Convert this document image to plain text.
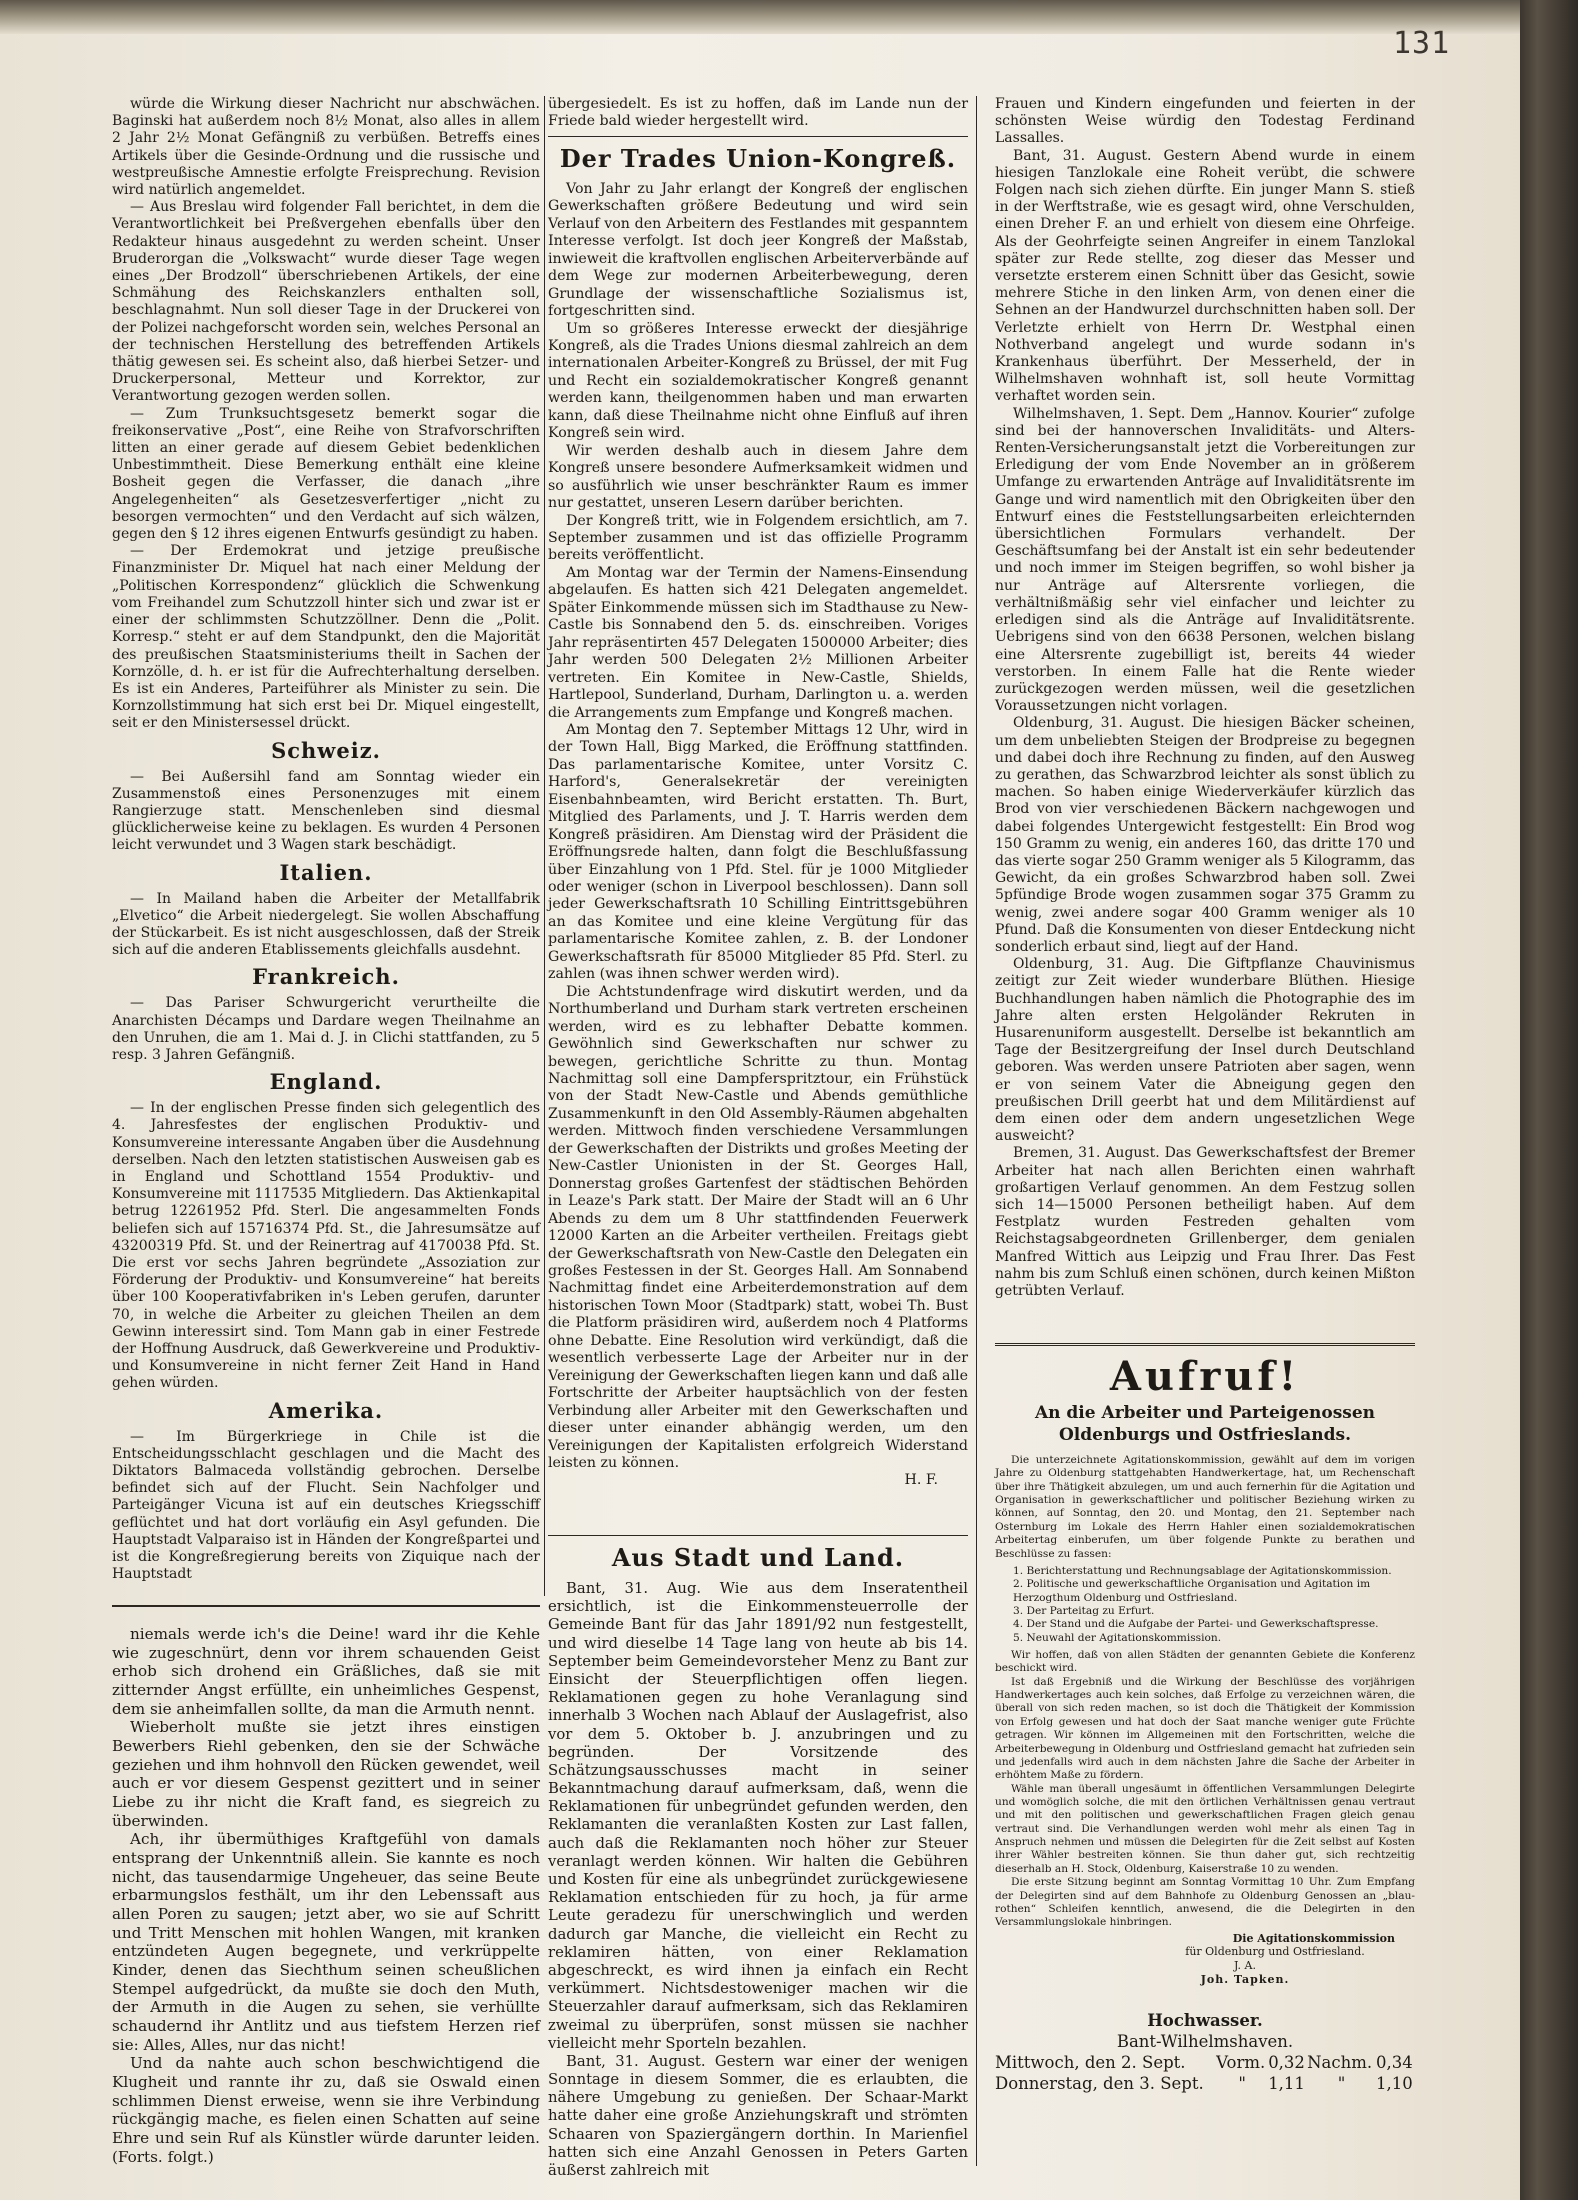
131

würde die Wirkung dieser Nachricht nur abschwächen. Baginski hat außerdem noch 8½ Monat, also alles in allem 2 Jahr 2½ Monat Gefängniß zu verbüßen. Betreffs eines Artikels über die Gesinde-Ordnung und die russische und westpreußische Amnestie erfolgte Freisprechung. Revision wird natürlich angemeldet.

— Aus Breslau wird folgender Fall berichtet, in dem die Verantwortlichkeit bei Preßvergehen ebenfalls über den Redakteur hinaus ausgedehnt zu werden scheint. Unser Bruderorgan die „Volkswacht“ wurde dieser Tage wegen eines „Der Brodzoll“ überschriebenen Artikels, der eine Schmähung des Reichskanzlers enthalten soll, beschlagnahmt. Nun soll dieser Tage in der Druckerei von der Polizei nachgeforscht worden sein, welches Personal an der technischen Herstellung des betreffenden Artikels thätig gewesen sei. Es scheint also, daß hierbei Setzer- und Druckerpersonal, Metteur und Korrektor, zur Verantwortung gezogen werden sollen.

— Zum Trunksuchtsgesetz bemerkt sogar die freikonservative „Post“, eine Reihe von Strafvorschriften litten an einer gerade auf diesem Gebiet bedenklichen Unbestimmtheit. Diese Bemerkung enthält eine kleine Bosheit gegen die Verfasser, die danach „ihre Angelegenheiten“ als Gesetzesverfertiger „nicht zu besorgen vermochten“ und den Verdacht auf sich wälzen, gegen den § 12 ihres eigenen Entwurfs gesündigt zu haben.

— Der Erdemokrat und jetzige preußische Finanzminister Dr. Miquel hat nach einer Meldung der „Politischen Korrespondenz“ glücklich die Schwenkung vom Freihandel zum Schutzzoll hinter sich und zwar ist er einer der schlimmsten Schutzzöllner. Denn die „Polit. Korresp.“ steht er auf dem Standpunkt, den die Majorität des preußischen Staatsministeriums theilt in Sachen der Kornzölle, d. h. er ist für die Aufrechterhaltung derselben. Es ist ein Anderes, Parteiführer als Minister zu sein. Die Kornzollstimmung hat sich erst bei Dr. Miquel eingestellt, seit er den Ministersessel drückt.

Schweiz.

— Bei Außersihl fand am Sonntag wieder ein Zusammenstoß eines Personenzuges mit einem Rangierzuge statt. Menschenleben sind diesmal glücklicherweise keine zu beklagen. Es wurden 4 Personen leicht verwundet und 3 Wagen stark beschädigt.

Italien.

— In Mailand haben die Arbeiter der Metallfabrik „Elvetico“ die Arbeit niedergelegt. Sie wollen Abschaffung der Stückarbeit. Es ist nicht ausgeschlossen, daß der Streik sich auf die anderen Etablissements gleichfalls ausdehnt.

Frankreich.

— Das Pariser Schwurgericht verurtheilte die Anarchisten Décamps und Dardare wegen Theilnahme an den Unruhen, die am 1. Mai d. J. in Clichi stattfanden, zu 5 resp. 3 Jahren Gefängniß.

England.

— In der englischen Presse finden sich gelegentlich des 4. Jahresfestes der englischen Produktiv- und Konsumvereine interessante Angaben über die Ausdehnung derselben. Nach den letzten statistischen Ausweisen gab es in England und Schottland 1554 Produktiv- und Konsumvereine mit 1117535 Mitgliedern. Das Aktienkapital betrug 12261952 Pfd. Sterl. Die angesammelten Fonds beliefen sich auf 15716374 Pfd. St., die Jahresumsätze auf 43200319 Pfd. St. und der Reinertrag auf 4170038 Pfd. St. Die erst vor sechs Jahren begründete „Assoziation zur Förderung der Produktiv- und Konsumvereine“ hat bereits über 100 Kooperativfabriken in's Leben gerufen, darunter 70, in welche die Arbeiter zu gleichen Theilen an dem Gewinn interessirt sind. Tom Mann gab in einer Festrede der Hoffnung Ausdruck, daß Gewerkvereine und Produktiv- und Konsumvereine in nicht ferner Zeit Hand in Hand gehen würden.

Amerika.

— Im Bürgerkriege in Chile ist die Entscheidungsschlacht geschlagen und die Macht des Diktators Balmaceda vollständig gebrochen. Derselbe befindet sich auf der Flucht. Sein Nachfolger und Parteigänger Vicuna ist auf ein deutsches Kriegsschiff geflüchtet und hat dort vorläufig ein Asyl gefunden. Die Hauptstadt Valparaiso ist in Händen der Kongreßpartei und ist die Kongreßregierung bereits von Ziquique nach der Hauptstadt

niemals werde ich's die Deine! ward ihr die Kehle wie zugeschnürt, denn vor ihrem schauenden Geist erhob sich drohend ein Gräßliches, daß sie mit zitternder Angst erfüllte, ein unheimliches Gespenst, dem sie anheimfallen sollte, da man die Armuth nennt.

Wieberholt mußte sie jetzt ihres einstigen Bewerbers Riehl gebenken, den sie der Schwäche geziehen und ihm hohnvoll den Rücken gewendet, weil auch er vor diesem Gespenst gezittert und in seiner Liebe zu ihr nicht die Kraft fand, es siegreich zu überwinden.

Ach, ihr übermüthiges Kraftgefühl von damals entsprang der Unkenntniß allein. Sie kannte es noch nicht, das tausendarmige Ungeheuer, das seine Beute erbarmungslos festhält, um ihr den Lebenssaft aus allen Poren zu saugen; jetzt aber, wo sie auf Schritt und Tritt Menschen mit hohlen Wangen, mit kranken entzündeten Augen begegnete, und verkrüppelte Kinder, denen das Siechthum seinen scheußlichen Stempel aufgedrückt, da mußte sie doch den Muth, der Armuth in die Augen zu sehen, sie verhüllte schaudernd ihr Antlitz und aus tiefstem Herzen rief sie: Alles, Alles, nur das nicht!

Und da nahte auch schon beschwichtigend die Klugheit und rannte ihr zu, daß sie Oswald einen schlimmen Dienst erweise, wenn sie ihre Verbindung rückgängig mache, es fielen einen Schatten auf seine Ehre und sein Ruf als Künstler würde darunter leiden. (Forts. folgt.)

übergesiedelt. Es ist zu hoffen, daß im Lande nun der Friede bald wieder hergestellt wird.

Der Trades Union-Kongreß.

Von Jahr zu Jahr erlangt der Kongreß der englischen Gewerkschaften größere Bedeutung und wird sein Verlauf von den Arbeitern des Festlandes mit gespanntem Interesse verfolgt. Ist doch jeer Kongreß der Maßstab, inwieweit die kraftvollen englischen Arbeiterverbände auf dem Wege zur modernen Arbeiterbewegung, deren Grundlage der wissenschaftliche Sozialismus ist, fortgeschritten sind.

Um so größeres Interesse erweckt der diesjährige Kongreß, als die Trades Unions diesmal zahlreich an dem internationalen Arbeiter-Kongreß zu Brüssel, der mit Fug und Recht ein sozialdemokratischer Kongreß genannt werden kann, theilgenommen haben und man erwarten kann, daß diese Theilnahme nicht ohne Einfluß auf ihren Kongreß sein wird.

Wir werden deshalb auch in diesem Jahre dem Kongreß unsere besondere Aufmerksamkeit widmen und so ausführlich wie unser beschränkter Raum es immer nur gestattet, unseren Lesern darüber berichten.

Der Kongreß tritt, wie in Folgendem ersichtlich, am 7. September zusammen und ist das offizielle Programm bereits veröffentlicht.

Am Montag war der Termin der Namens-Einsendung abgelaufen. Es hatten sich 421 Delegaten angemeldet. Später Einkommende müssen sich im Stadthause zu New-Castle bis Sonnabend den 5. ds. einschreiben. Voriges Jahr repräsentirten 457 Delegaten 1500000 Arbeiter; dies Jahr werden 500 Delegaten 2½ Millionen Arbeiter vertreten. Ein Komitee in New-Castle, Shields, Hartlepool, Sunderland, Durham, Darlington u. a. werden die Arrangements zum Empfange und Kongreß machen.

Am Montag den 7. September Mittags 12 Uhr, wird in der Town Hall, Bigg Marked, die Eröffnung stattfinden. Das parlamentarische Komitee, unter Vorsitz C. Harford's, Generalsekretär der vereinigten Eisenbahnbeamten, wird Bericht erstatten. Th. Burt, Mitglied des Parlaments, und J. T. Harris werden dem Kongreß präsidiren. Am Dienstag wird der Präsident die Eröffnungsrede halten, dann folgt die Beschlußfassung über Einzahlung von 1 Pfd. Stel. für je 1000 Mitglieder oder weniger (schon in Liverpool beschlossen). Dann soll jeder Gewerkschaftsrath 10 Schilling Eintrittsgebühren an das Komitee und eine kleine Vergütung für das parlamentarische Komitee zahlen, z. B. der Londoner Gewerkschaftsrath für 85000 Mitglieder 85 Pfd. Sterl. zu zahlen (was ihnen schwer werden wird).

Die Achtstundenfrage wird diskutirt werden, und da Northumberland und Durham stark vertreten erscheinen werden, wird es zu lebhafter Debatte kommen. Gewöhnlich sind Gewerkschaften nur schwer zu bewegen, gerichtliche Schritte zu thun. Montag Nachmittag soll eine Dampferspritztour, ein Frühstück von der Stadt New-Castle und Abends gemüthliche Zusammenkunft in den Old Assembly-Räumen abgehalten werden. Mittwoch finden verschiedene Versammlungen der Gewerkschaften der Distrikts und großes Meeting der New-Castler Unionisten in der St. Georges Hall, Donnerstag großes Gartenfest der städtischen Behörden in Leaze's Park statt. Der Maire der Stadt will an 6 Uhr Abends zu dem um 8 Uhr stattfindenden Feuerwerk 12000 Karten an die Arbeiter vertheilen. Freitags giebt der Gewerkschaftsrath von New-Castle den Delegaten ein großes Festessen in der St. Georges Hall. Am Sonnabend Nachmittag findet eine Arbeiterdemonstration auf dem historischen Town Moor (Stadtpark) statt, wobei Th. Bust die Platform präsidiren wird, außerdem noch 4 Platforms ohne Debatte. Eine Resolution wird verkündigt, daß die wesentlich verbesserte Lage der Arbeiter nur in der Vereinigung der Gewerkschaften liegen kann und daß alle Fortschritte der Arbeiter hauptsächlich von der festen Verbindung aller Arbeiter mit den Gewerkschaften und dieser unter einander abhängig werden, um den Vereinigungen der Kapitalisten erfolgreich Widerstand leisten zu können.

H. F.
Aus Stadt und Land.

Bant, 31. Aug. Wie aus dem Inseratentheil ersichtlich, ist die Einkommensteuerrolle der Gemeinde Bant für das Jahr 1891/92 nun festgestellt, und wird dieselbe 14 Tage lang von heute ab bis 14. September beim Gemeindevorsteher Menz zu Bant zur Einsicht der Steuerpflichtigen offen liegen. Reklamationen gegen zu hohe Veranlagung sind innerhalb 3 Wochen nach Ablauf der Auslagefrist, also vor dem 5. Oktober b. J. anzubringen und zu begründen. Der Vorsitzende des Schätzungsausschusses macht in seiner Bekanntmachung darauf aufmerksam, daß, wenn die Reklamationen für unbegründet gefunden werden, den Reklamanten die veranlaßten Kosten zur Last fallen, auch daß die Reklamanten noch höher zur Steuer veranlagt werden können. Wir halten die Gebühren und Kosten für eine als unbegründet zurückgewiesene Reklamation entschieden für zu hoch, ja für arme Leute geradezu für unerschwinglich und werden dadurch gar Manche, die vielleicht ein Recht zu reklamiren hätten, von einer Reklamation abgeschreckt, es wird ihnen ja einfach ein Recht verkümmert. Nichtsdestoweniger machen wir die Steuerzahler darauf aufmerksam, sich das Reklamiren zweimal zu überprüfen, sonst müssen sie nachher vielleicht mehr Sporteln bezahlen.

Bant, 31. August. Gestern war einer der wenigen Sonntage in diesem Sommer, die es erlaubten, die nähere Umgebung zu genießen. Der Schaar-Markt hatte daher eine große Anziehungskraft und strömten Schaaren von Spaziergängern dorthin. In Marienfiel hatten sich eine Anzahl Genossen in Peters Garten äußerst zahlreich mit

Frauen und Kindern eingefunden und feierten in der schönsten Weise würdig den Todestag Ferdinand Lassalles.

Bant, 31. August. Gestern Abend wurde in einem hiesigen Tanzlokale eine Roheit verübt, die schwere Folgen nach sich ziehen dürfte. Ein junger Mann S. stieß in der Werftstraße, wie es gesagt wird, ohne Verschulden, einen Dreher F. an und erhielt von diesem eine Ohrfeige. Als der Geohrfeigte seinen Angreifer in einem Tanzlokal später zur Rede stellte, zog dieser das Messer und versetzte ersterem einen Schnitt über das Gesicht, sowie mehrere Stiche in den linken Arm, von denen einer die Sehnen an der Handwurzel durchschnitten haben soll. Der Verletzte erhielt von Herrn Dr. Westphal einen Nothverband angelegt und wurde sodann in's Krankenhaus überführt. Der Messerheld, der in Wilhelmshaven wohnhaft ist, soll heute Vormittag verhaftet worden sein.

Wilhelmshaven, 1. Sept. Dem „Hannov. Kourier“ zufolge sind bei der hannoverschen Invaliditäts- und Alters-Renten-Versicherungsanstalt jetzt die Vorbereitungen zur Erledigung der vom Ende November an in größerem Umfange zu erwartenden Anträge auf Invaliditätsrente im Gange und wird namentlich mit den Obrigkeiten über den Entwurf eines die Feststellungsarbeiten erleichternden übersichtlichen Formulars verhandelt. Der Geschäftsumfang bei der Anstalt ist ein sehr bedeutender und noch immer im Steigen begriffen, so wohl bisher ja nur Anträge auf Altersrente vorliegen, die verhältnißmäßig sehr viel einfacher und leichter zu erledigen sind als die Anträge auf Invaliditätsrente. Uebrigens sind von den 6638 Personen, welchen bislang eine Altersrente zugebilligt ist, bereits 44 wieder verstorben. In einem Falle hat die Rente wieder zurückgezogen werden müssen, weil die gesetzlichen Voraussetzungen nicht vorlagen.

Oldenburg, 31. August. Die hiesigen Bäcker scheinen, um dem unbeliebten Steigen der Brodpreise zu begegnen und dabei doch ihre Rechnung zu finden, auf den Ausweg zu gerathen, das Schwarzbrod leichter als sonst üblich zu machen. So haben einige Wiederverkäufer kürzlich das Brod von vier verschiedenen Bäckern nachgewogen und dabei folgendes Untergewicht festgestellt: Ein Brod wog 150 Gramm zu wenig, ein anderes 160, das dritte 170 und das vierte sogar 250 Gramm weniger als 5 Kilogramm, das Gewicht, da ein großes Schwarzbrod haben soll. Zwei 5pfündige Brode wogen zusammen sogar 375 Gramm zu wenig, zwei andere sogar 400 Gramm weniger als 10 Pfund. Daß die Konsumenten von dieser Entdeckung nicht sonderlich erbaut sind, liegt auf der Hand.

Oldenburg, 31. Aug. Die Giftpflanze Chauvinismus zeitigt zur Zeit wieder wunderbare Blüthen. Hiesige Buchhandlungen haben nämlich die Photographie des im Jahre alten ersten Helgoländer Rekruten in Husarenuniform ausgestellt. Derselbe ist bekanntlich am Tage der Besitzergreifung der Insel durch Deutschland geboren. Was werden unsere Patrioten aber sagen, wenn er von seinem Vater die Abneigung gegen den preußischen Drill geerbt hat und dem Militärdienst auf dem einen oder dem andern ungesetzlichen Wege ausweicht?

Bremen, 31. August. Das Gewerkschaftsfest der Bremer Arbeiter hat nach allen Berichten einen wahrhaft großartigen Verlauf genommen. An dem Festzug sollen sich 14—15000 Personen betheiligt haben. Auf dem Festplatz wurden Festreden gehalten vom Reichstagsabgeordneten Grillenberger, dem genialen Manfred Wittich aus Leipzig und Frau Ihrer. Das Fest nahm bis zum Schluß einen schönen, durch keinen Mißton getrübten Verlauf.

Aufruf!
An die Arbeiter und Parteigenossen Oldenburgs und Ostfrieslands.

Die unterzeichnete Agitationskommission, gewählt auf dem im vorigen Jahre zu Oldenburg stattgehabten Handwerkertage, hat, um Rechenschaft über ihre Thätigkeit abzulegen, um und auch fernerhin für die Agitation und Organisation in gewerkschaftlicher und politischer Beziehung wirken zu können, auf Sonntag, den 20. und Montag, den 21. September nach Osternburg im Lokale des Herrn Hahler einen sozialdemokratischen Arbeitertag einberufen, um über folgende Punkte zu berathen und Beschlüsse zu fassen:

1. Berichterstattung und Rechnungsablage der Agitationskommission.
2. Politische und gewerkschaftliche Organisation und Agitation im Herzogthum Oldenburg und Ostfriesland.
3. Der Parteitag zu Erfurt.
4. Der Stand und die Aufgabe der Partei- und Gewerkschaftspresse.
5. Neuwahl der Agitationskommission.

Wir hoffen, daß von allen Städten der genannten Gebiete die Konferenz beschickt wird.

Ist daß Ergebniß und die Wirkung der Beschlüsse des vorjährigen Handwerkertages auch kein solches, daß Erfolge zu verzeichnen wären, die überall von sich reden machen, so ist doch die Thätigkeit der Kommission von Erfolg gewesen und hat doch der Saat manche weniger gute Früchte getragen. Wir können im Allgemeinen mit den Fortschritten, welche die Arbeiterbewegung in Oldenburg und Ostfriesland gemacht hat zufrieden sein und jedenfalls wird auch in dem nächsten Jahre die Sache der Arbeiter in erhöhtem Maße zu fördern.

Wähle man überall ungesäumt in öffentlichen Versammlungen Delegirte und womöglich solche, die mit den örtlichen Verhältnissen genau vertraut und mit den politischen und gewerkschaftlichen Fragen gleich genau vertraut sind. Die Verhandlungen werden wohl mehr als einen Tag in Anspruch nehmen und müssen die Delegirten für die Zeit selbst auf Kosten ihrer Wähler bestreiten können. Sie thun daher gut, sich rechtzeitig dieserhalb an H. Stock, Oldenburg, Kaiserstraße 10 zu wenden.

Die erste Sitzung beginnt am Sonntag Vormittag 10 Uhr. Zum Empfang der Delegirten sind auf dem Bahnhofe zu Oldenburg Genossen an „blau-rothen“ Schleifen kenntlich, anwesend, die die Delegirten in den Versammlungslokale hinbringen.

Die Agitationskommission
für Oldenburg und Ostfriesland.
J. A.
Joh. Tapken.
Hochwasser.
Bant-Wilhelmshaven.
Mittwoch, den 2. Sept.	Vorm.	0,32	Nachm.	0,34
Donnerstag, den 3. Sept.	"	1,11	"	1,10
